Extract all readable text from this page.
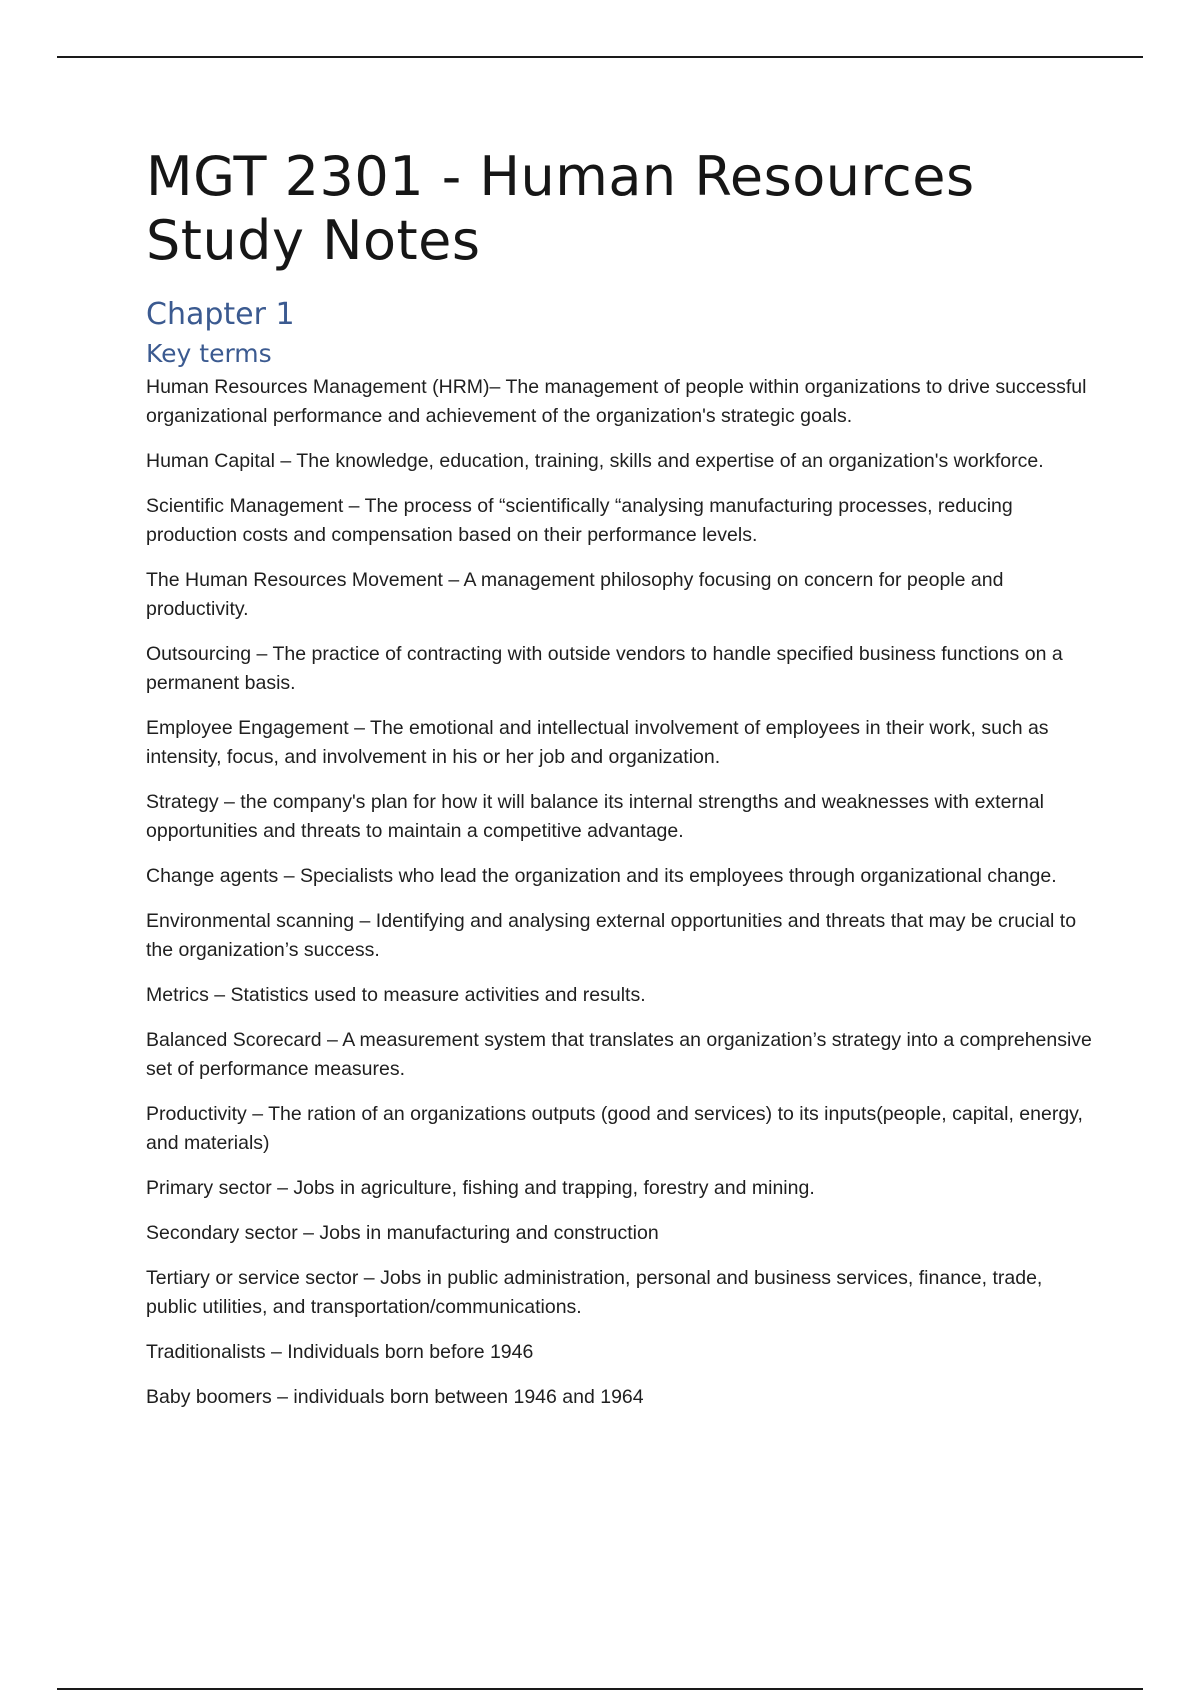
MGT 2301 - Human Resources Study Notes
Chapter 1
Key terms
Human Resources Management (HRM)– The management of people within organizations to drive successful organizational performance and achievement of the organization's strategic goals.
Human Capital – The knowledge, education, training, skills and expertise of an organization's workforce.
Scientific Management – The process of “scientifically “analysing manufacturing processes, reducing production costs and compensation based on their performance levels.
The Human Resources Movement – A management philosophy focusing on concern for people and productivity.
Outsourcing – The practice of contracting with outside vendors to handle specified business functions on a permanent basis.
Employee Engagement – The emotional and intellectual involvement of employees in their work, such as intensity, focus, and involvement in his or her job and organization.
Strategy – the company's plan for how it will balance its internal strengths and weaknesses with external opportunities and threats to maintain a competitive advantage.
Change agents – Specialists who lead the organization and its employees through organizational change.
Environmental scanning – Identifying and analysing external opportunities and threats that may be crucial to the organization’s success.
Metrics – Statistics used to measure activities and results.
Balanced Scorecard – A measurement system that translates an organization’s strategy into a comprehensive set of performance measures.
Productivity – The ration of an organizations outputs (good and services) to its inputs(people, capital, energy, and materials)
Primary sector – Jobs in agriculture, fishing and trapping, forestry and mining.
Secondary sector – Jobs in manufacturing and construction
Tertiary or service sector – Jobs in public administration, personal and business services, finance, trade, public utilities, and transportation/communications.
Traditionalists – Individuals born before 1946
Baby boomers – individuals born between 1946 and 1964
